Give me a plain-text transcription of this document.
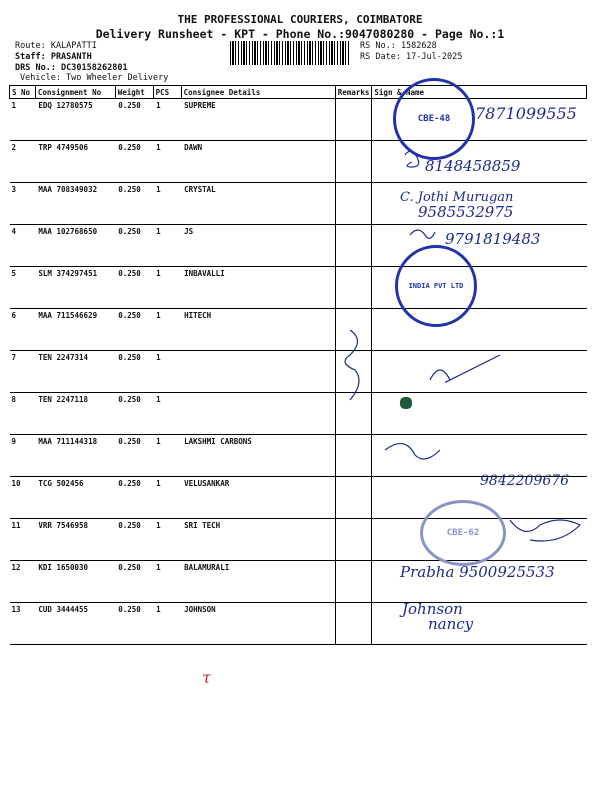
THE PROFESSIONAL COURIERS, COIMBATORE
Delivery Runsheet - KPT - Phone No.:9047080280 - Page No.:1
Route: KALAPATTI
Staff: PRASANTH
DRS No.: DC3015826280​1
Vehicle: Two Wheeler Delivery
RS No.: 1582628
RS Date: 17-Jul-2025
S No	Consignment No	Weight	PCS	Consignee Details	Remarks	Sign & Name
1	EDQ 12780575	0.250	1	SUPREME		
2	TRP 4749506	0.250	1	DAWN		
3	MAA 708349032	0.250	1	CRYSTAL		
4	MAA 102768650	0.250	1	JS		
5	SLM 374297451	0.250	1	INBAVALLI		
6	MAA 711546629	0.250	1	HITECH		
7	TEN 2247314	0.250	1			
8	TEN 2247118	0.250	1			
9	MAA 711144318	0.250	1	LAKSHMI CARBONS		
10	TCG 502456	0.250	1	VELUSANKAR		
11	VRR 7546958	0.250	1	SRI TECH		
12	KDI 1650030	0.250	1	BALAMURALI		
13	CUD 3444455	0.250	1	JOHNSON		
7871099555
8148458859
C. Jothi Murugan
9585532975
9791819483
9842209676
Prabha 9500925533
Johnson
nancy
CBE-48
INDIA PVT LTD
CBE-62
τ
